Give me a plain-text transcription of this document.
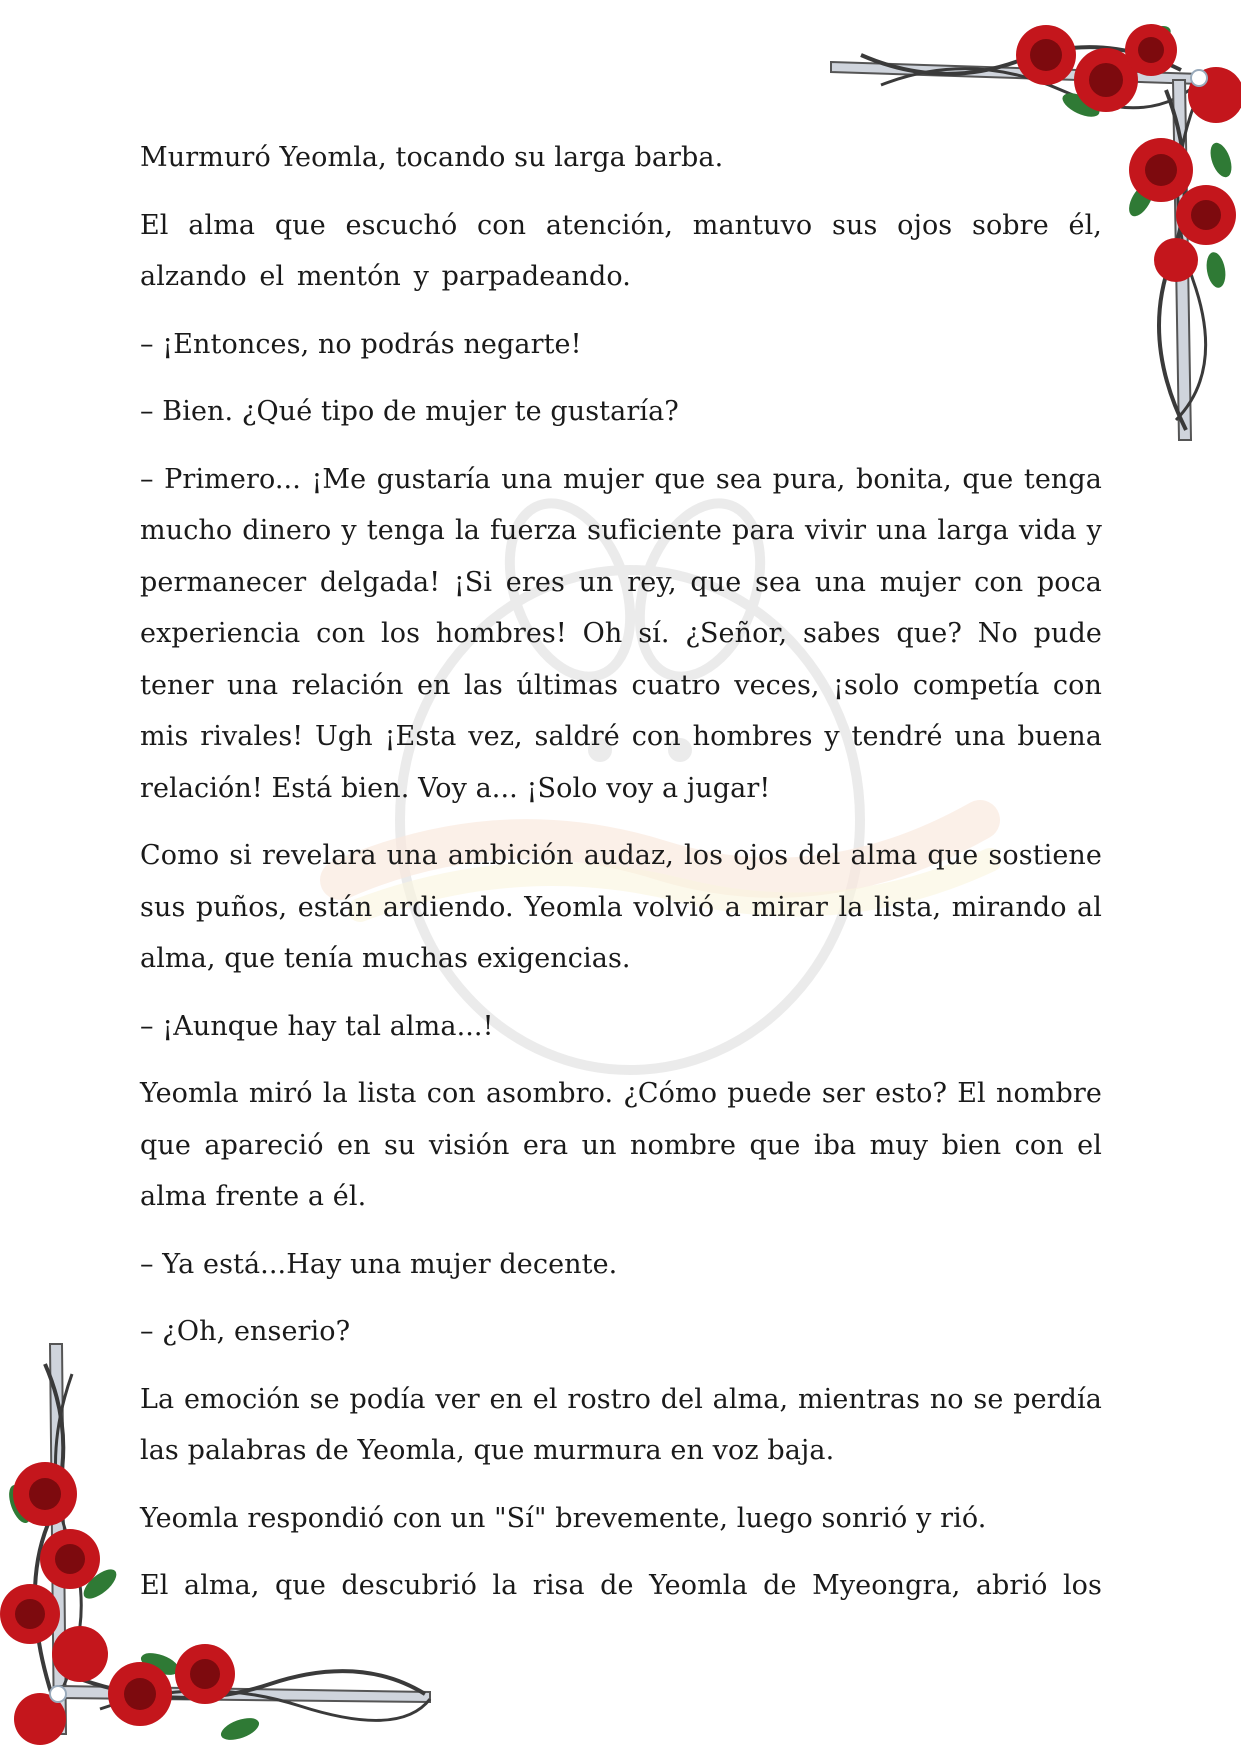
Murmuró Yeomla, tocando su larga barba.

El alma que escuchó con atención, mantuvo sus ojos sobre él, alzando el mentón y parpadeando.

– ¡Entonces, no podrás negarte!

– Bien. ¿Qué tipo de mujer te gustaría?

– Primero... ¡Me gustaría una mujer que sea pura, bonita, que tenga mucho dinero y tenga la fuerza suficiente para vivir una larga vida y permanecer delgada! ¡Si eres un rey, que sea una mujer con poca experiencia con los hombres! Oh sí. ¿Señor, sabes que? No pude tener una relación en las últimas cuatro veces, ¡solo competía con mis rivales! Ugh ¡Esta vez, saldré con hombres y tendré una buena relación! Está bien. Voy a... ¡Solo voy a jugar!

Como si revelara una ambición audaz, los ojos del alma que sostiene sus puños, están ardiendo. Yeomla volvió a mirar la lista, mirando al alma, que tenía muchas exigencias.

– ¡Aunque hay tal alma...!

Yeomla miró la lista con asombro. ¿Cómo puede ser esto? El nombre que apareció en su visión era un nombre que iba muy bien con el alma frente a él.

– Ya está...Hay una mujer decente.

– ¿Oh, enserio?

La emoción se podía ver en el rostro del alma, mientras no se perdía las palabras de Yeomla, que murmura en voz baja.

Yeomla respondió con un "Sí" brevemente, luego sonrió y rió.

El alma, que descubrió la risa de Yeomla de Myeongra, abrió los
